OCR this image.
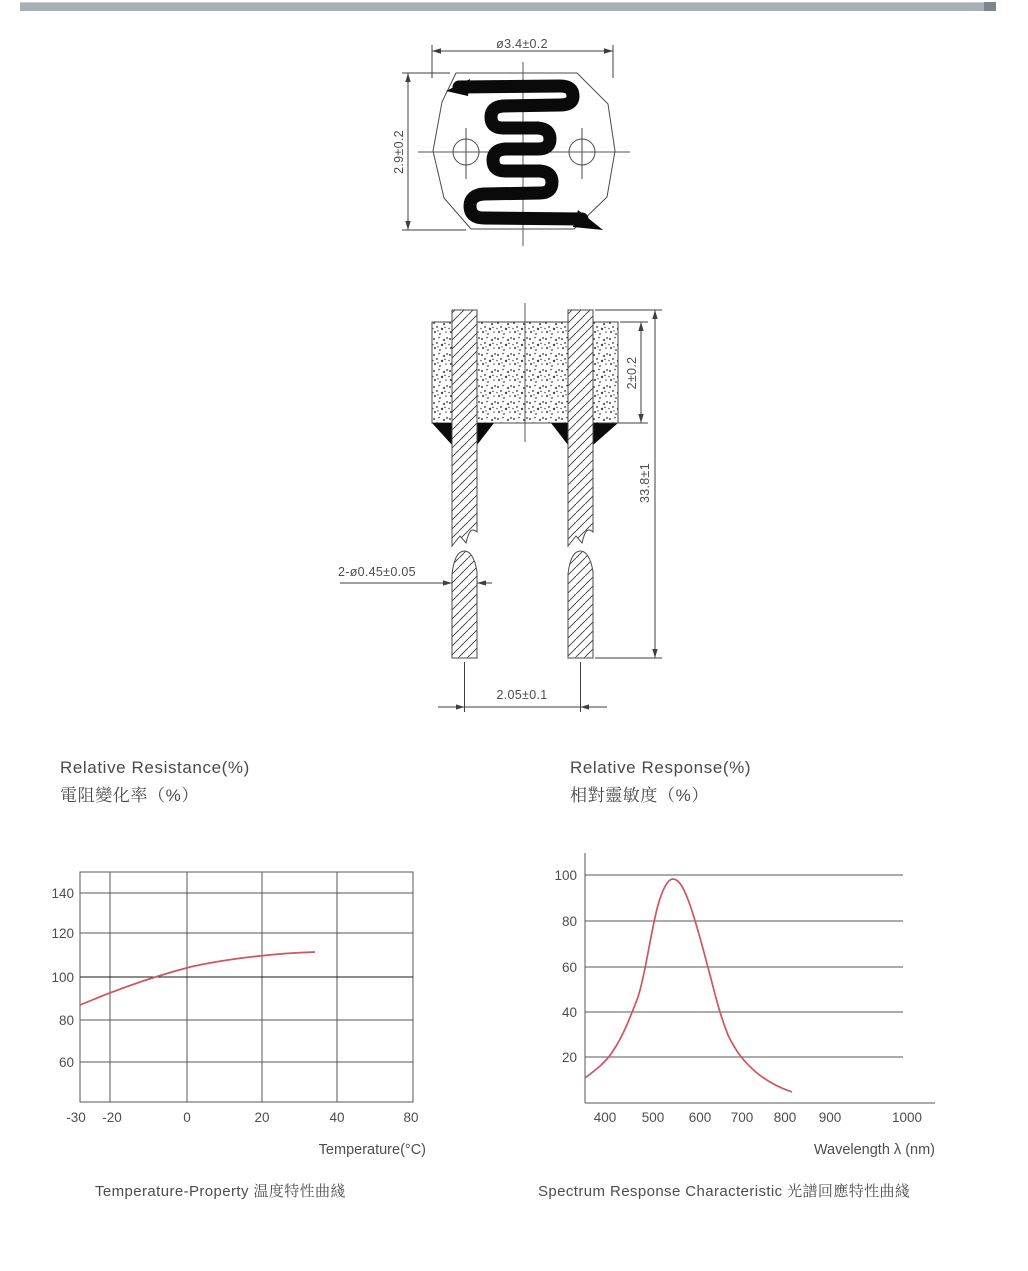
ø3.4±0.2
2.9±0.2
2±0.2
33.8±1
2-ø0.45±0.05
2.05±0.1
Relative Resistance(%)
電阻變化率（%）
Relative Response(%)
相對靈敏度（%）
140
120
100
80
60
-30	-20	0	20	40	80
Temperature(°C)
Temperature-Property 温度特性曲綫
100
80
60
40
20
400	500	600	700	800	900	1000
Wavelength λ (nm)
Spectrum Response Characteristic 光譜回應特性曲綫
